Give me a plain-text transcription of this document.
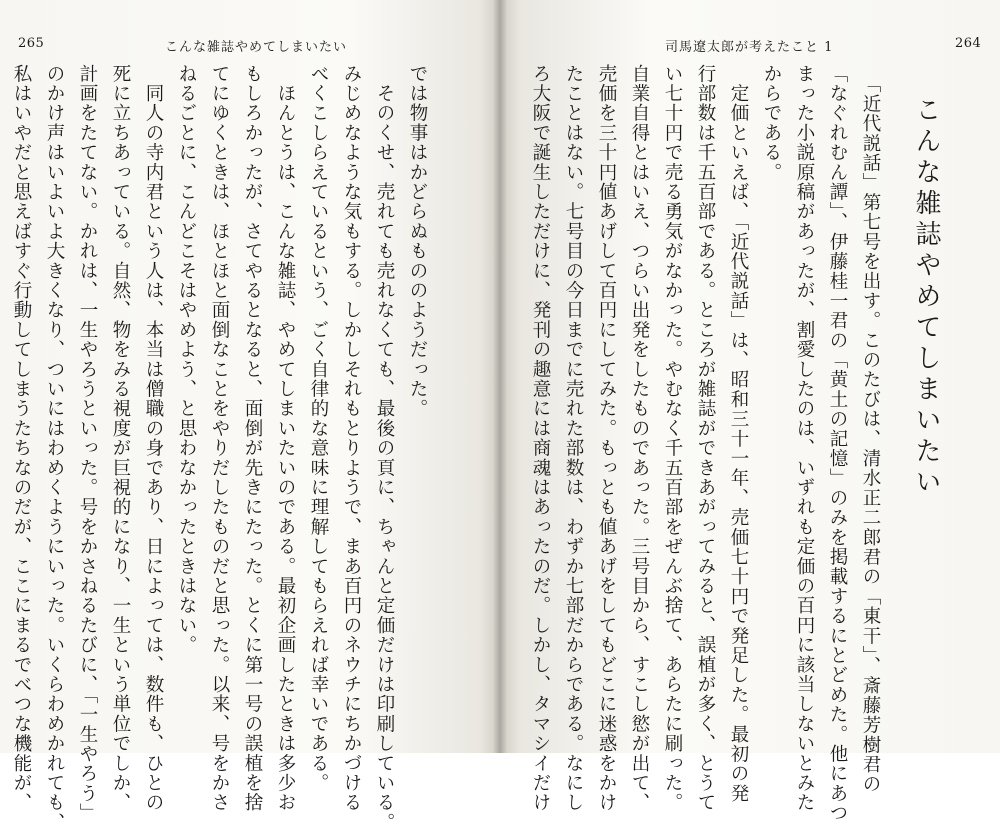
265	こんな雑誌やめてしまいたい
では物事はかどらぬもののようだった。
　そのくせ、売れても売れなくても、最後の頁に、ちゃんと定価だけは印刷している。
みじめなような気もする。しかしそれもとりようで、まあ百円のネウチにちかづける
べくこしらえているという、ごく自律的な意味に理解してもらえれば幸いである。
　ほんとうは、こんな雑誌、やめてしまいたいのである。最初企画したときは多少お
もしろかったが、さてやるとなると、面倒が先きにたった。とくに第一号の誤植を捨
てにゆくときは、ほとほと面倒なことをやりだしたものだと思った。以来、号をかさ
ねるごとに、こんどこそはやめよう、と思わなかったときはない。
　同人の寺内君という人は、本当は僧職の身であり、日によっては、数件も、ひとの
死に立ちあっている。自然、物をみる視度が巨視的になり、一生という単位でしか、
計画をたてない。かれは、一生やろうといった。号をかさねるたびに、「一生やろう」
のかけ声はいよいよ大きくなり、ついにはわめくようにいった。いくらわめかれても、
私はいやだと思えばすぐ行動してしまうたちなのだが、ここにまるでべつな機能が、
司馬遼太郎が考えたこと 1	264
　「近代説話」第七号を出す。このたびは、清水正二郎君の「東干」、斎藤芳樹君の
「なぐれむん譚」、伊藤桂一君の「黄土の記憶」のみを掲載するにとどめた。他にあつ
まった小説原稿があったが、割愛したのは、いずれも定価の百円に該当しないとみた
からである。
　定価といえば、「近代説話」は、昭和三十一年、売価七十円で発足した。最初の発
行部数は千五百部である。ところが雑誌ができあがってみると、誤植が多く、とうて
い七十円で売る勇気がなかった。やむなく千五百部をぜんぶ捨て、あらたに刷った。
自業自得とはいえ、つらい出発をしたものであった。三号目から、すこし慾が出て、
売価を三十円値あげして百円にしてみた。もっとも値あげをしてもどこに迷惑をかけ
たことはない。七号目の今日までに売れた部数は、わずか七部だからである。なにし
ろ大阪で誕生しただけに、発刊の趣意には商魂はあったのだ。しかし、タマシイだけ	こんな雑誌やめてしまいたい
